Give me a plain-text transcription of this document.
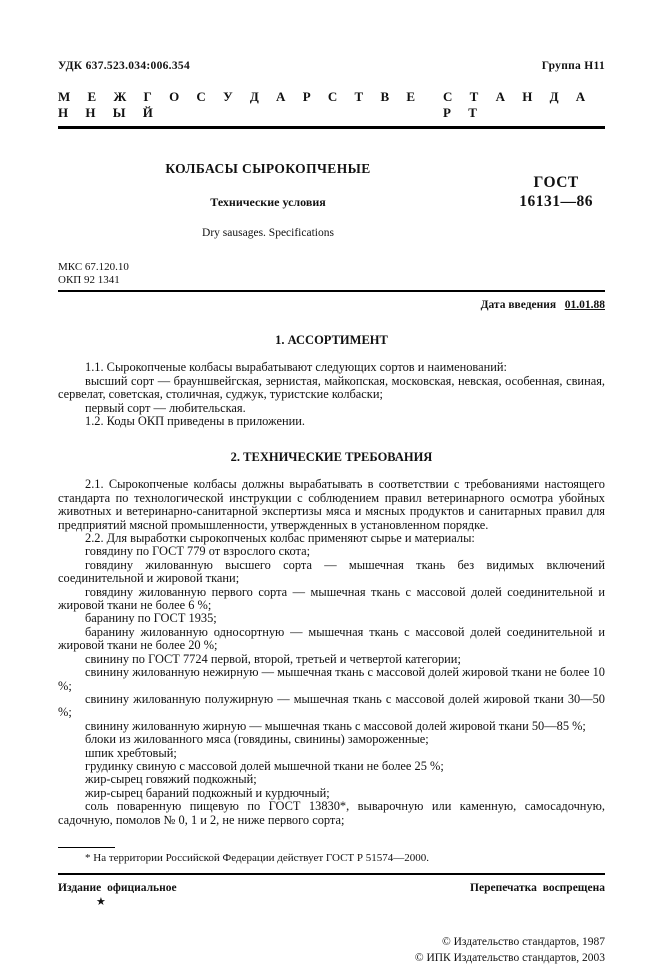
УДК 637.523.034:006.354	Группа Н11
М Е Ж Г О С У Д А Р С Т В Е Н Н Ы Й
С Т А Н Д А Р Т

КОЛБАСЫ СЫРОКОПЧЕНЫЕ

Технические условия

Dry sausages. Specifications

ГОСТ
16131—86
МКС 67.120.10
ОКП 92 1341
Дата введения 01.01.88
1. АССОРТИМЕНТ

1.1. Сырокопченые колбасы вырабатывают следующих сортов и наименований:

высший сорт — брауншвейгская, зернистая, майкопская, московская, невская, особенная, свиная, сервелат, советская, столичная, суджук, туристские колбаски;

первый сорт — любительская.

1.2. Коды ОКП приведены в приложении.

2. ТЕХНИЧЕСКИЕ ТРЕБОВАНИЯ

2.1. Сырокопченые колбасы должны вырабатывать в соответствии с требованиями настоящего стандарта по технологической инструкции с соблюдением правил ветеринарного осмотра убойных животных и ветеринарно-санитарной экспертизы мяса и мясных продуктов и санитарных правил для предприятий мясной промышленности, утвержденных в установленном порядке.

2.2. Для выработки сырокопченых колбас применяют сырье и материалы:

говядину по ГОСТ 779 от взрослого скота;

говядину жилованную высшего сорта — мышечная ткань без видимых включений соединительной и жировой ткани;

говядину жилованную первого сорта — мышечная ткань с массовой долей соединительной и жировой ткани не более 6 %;

баранину по ГОСТ 1935;

баранину жилованную односортную — мышечная ткань с массовой долей соединительной и жировой ткани не более 20 %;

свинину по ГОСТ 7724 первой, второй, третьей и четвертой категории;

свинину жилованную нежирную — мышечная ткань с массовой долей жировой ткани не более 10 %;

свинину жилованную полужирную — мышечная ткань с массовой долей жировой ткани 30—50 %;

свинину жилованную жирную — мышечная ткань с массовой долей жировой ткани 50—85 %;

блоки из жилованного мяса (говядины, свинины) замороженные;

шпик хребтовый;

грудинку свиную с массовой долей мышечной ткани не более 25 %;

жир-сырец говяжий подкожный;

жир-сырец бараний подкожный и курдючный;

соль поваренную пищевую по ГОСТ 13830*, выварочную или каменную, самосадочную, садочную, помолов № 0, 1 и 2, не ниже первого сорта;

* На территории Российской Федерации действует ГОСТ Р 51574—2000.

Издание официальное	Перепечатка воспрещена
★
© Издательство стандартов, 1987
© ИПК Издательство стандартов, 2003
